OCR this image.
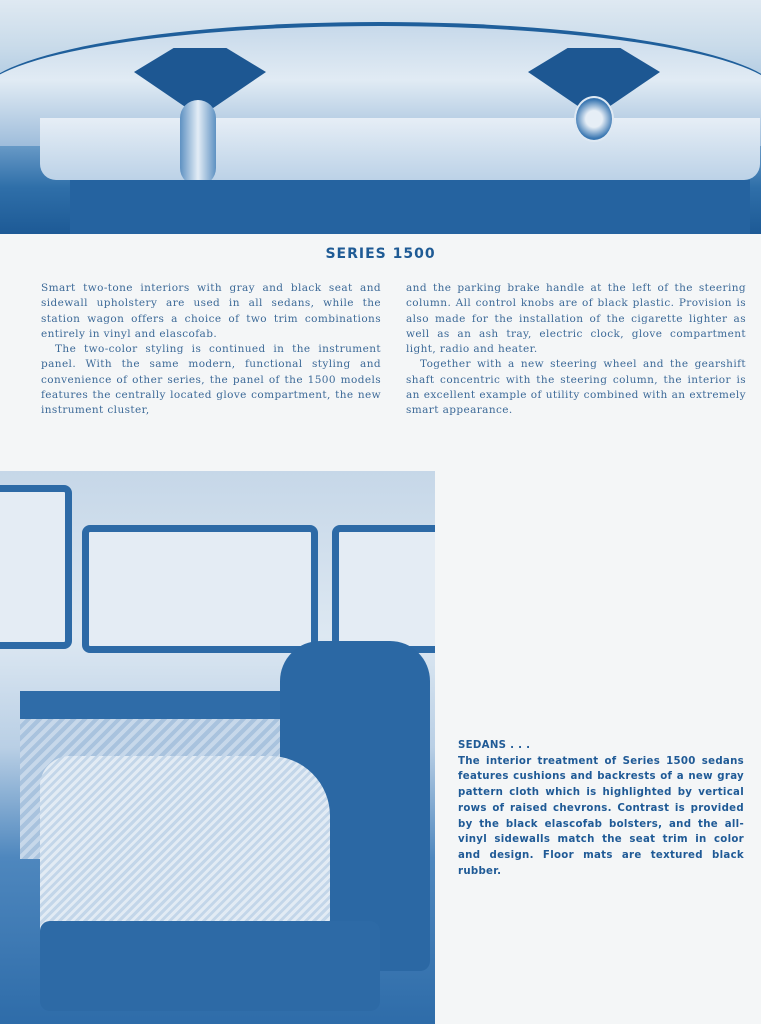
SERIES 1500

Smart two-tone interiors with gray and black seat and sidewall upholstery are used in all sedans, while the station wagon offers a choice of two trim combinations entirely in vinyl and elascofab.

The two-color styling is continued in the instrument panel. With the same modern, functional styling and convenience of other series, the panel of the 1500 models features the centrally located glove compartment, the new instrument cluster,

and the parking brake handle at the left of the steering column. All control knobs are of black plastic. Provision is also made for the installation of the cigarette lighter as well as an ash tray, electric clock, glove compartment light, radio and heater.

Together with a new steering wheel and the gearshift shaft concentric with the steering column, the interior is an excellent example of utility combined with an extremely smart appearance.

SEDANS . . .
The interior treatment of Series 1500 sedans features cushions and backrests of a new gray pattern cloth which is highlighted by vertical rows of raised chevrons. Contrast is provided by the black elascofab bolsters, and the all-vinyl sidewalls match the seat trim in color and design. Floor mats are textured black rubber.
